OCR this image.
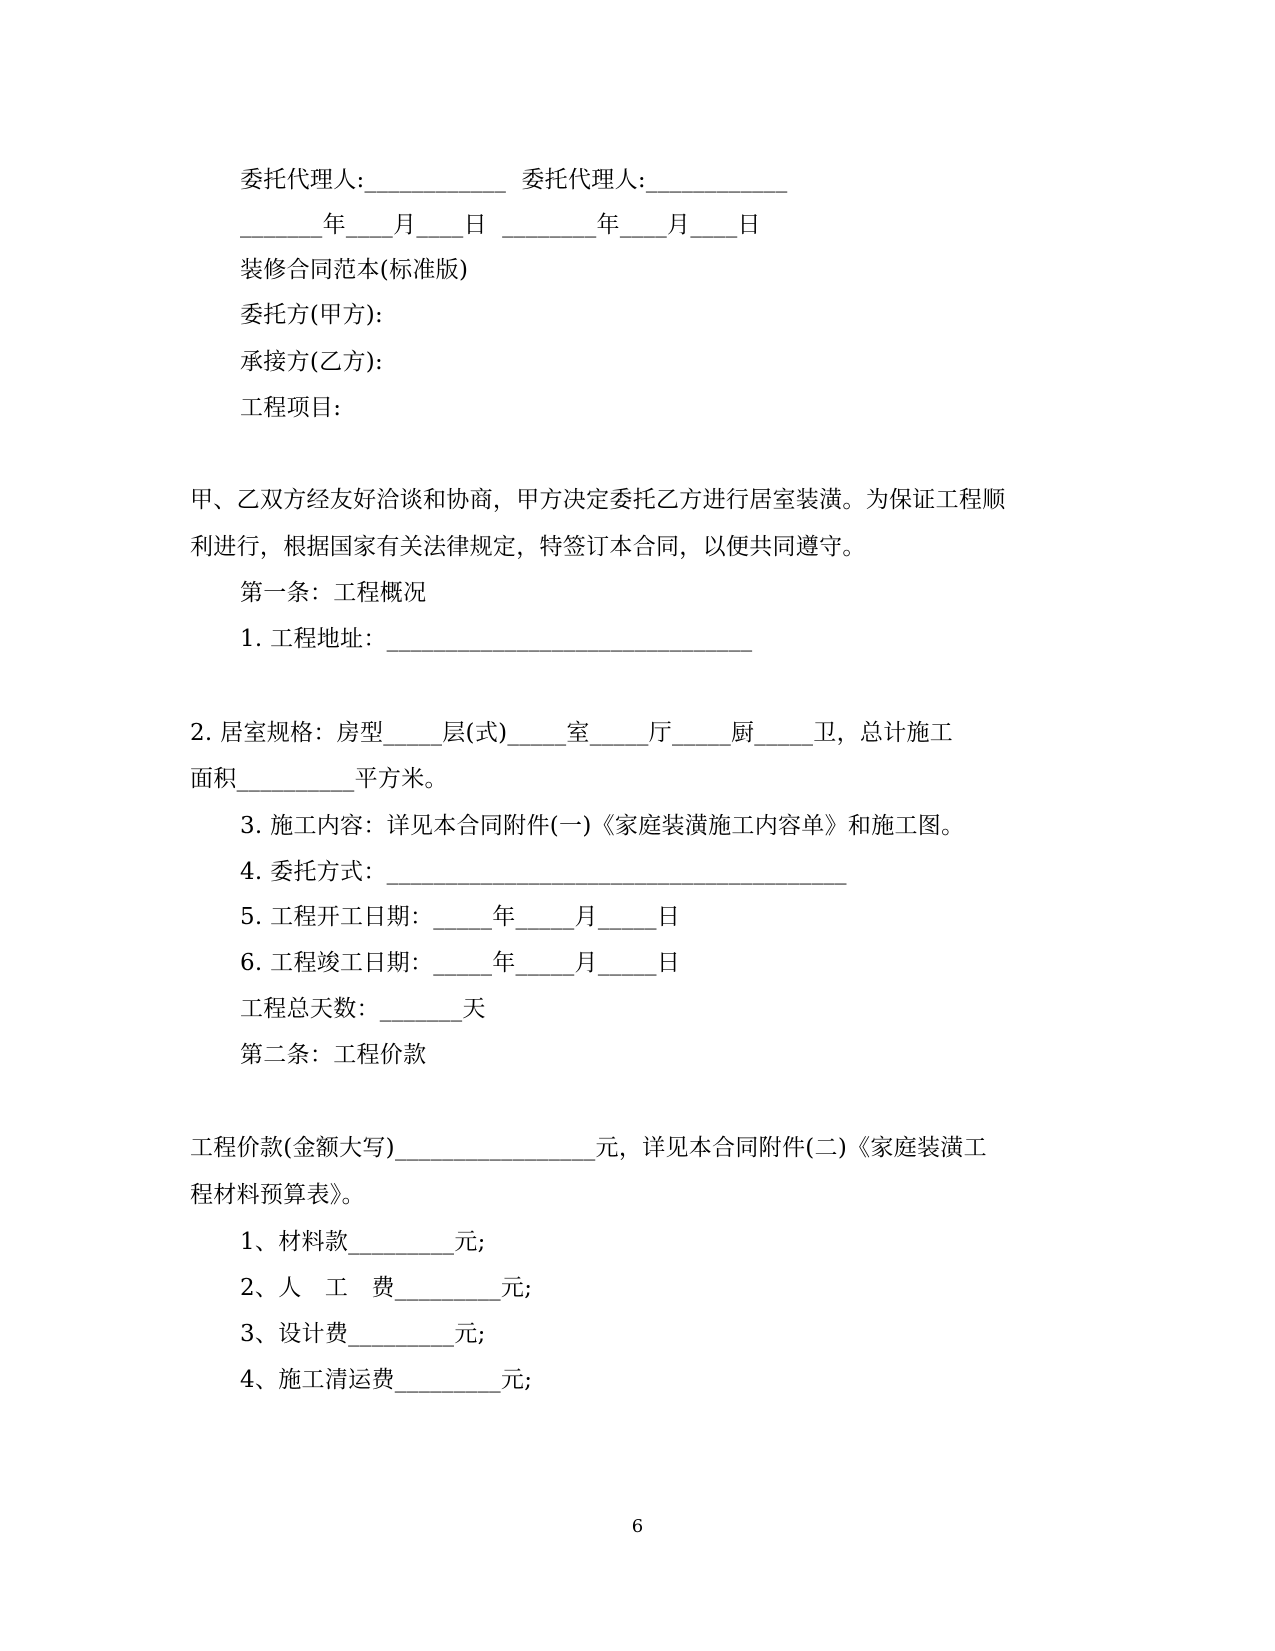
委托代理人:____________  委托代理人:____________
_______年____月____日  ________年____月____日
装修合同范本(标准版)
委托方(甲方):
承接方(乙方):
工程项目:
甲、乙双方经友好洽谈和协商，甲方决定委托乙方进行居室装潢。为保证工程顺
利进行，根据国家有关法律规定，特签订本合同，以便共同遵守。
第一条：工程概况
1. 工程地址：_______________________________
2. 居室规格：房型_____层(式)_____室_____厅_____厨_____卫，总计施工
面积__________平方米。
3. 施工内容：详见本合同附件(一)《家庭装潢施工内容单》和施工图。
4. 委托方式：_______________________________________
5. 工程开工日期：_____年_____月_____日
6. 工程竣工日期：_____年_____月_____日
工程总天数：_______天
第二条：工程价款
工程价款(金额大写)_________________元，详见本合同附件(二)《家庭装潢工
程材料预算表》。
1、材料款_________元;
2、人　工　费_________元;
3、设计费_________元;
4、施工清运费_________元;
6
